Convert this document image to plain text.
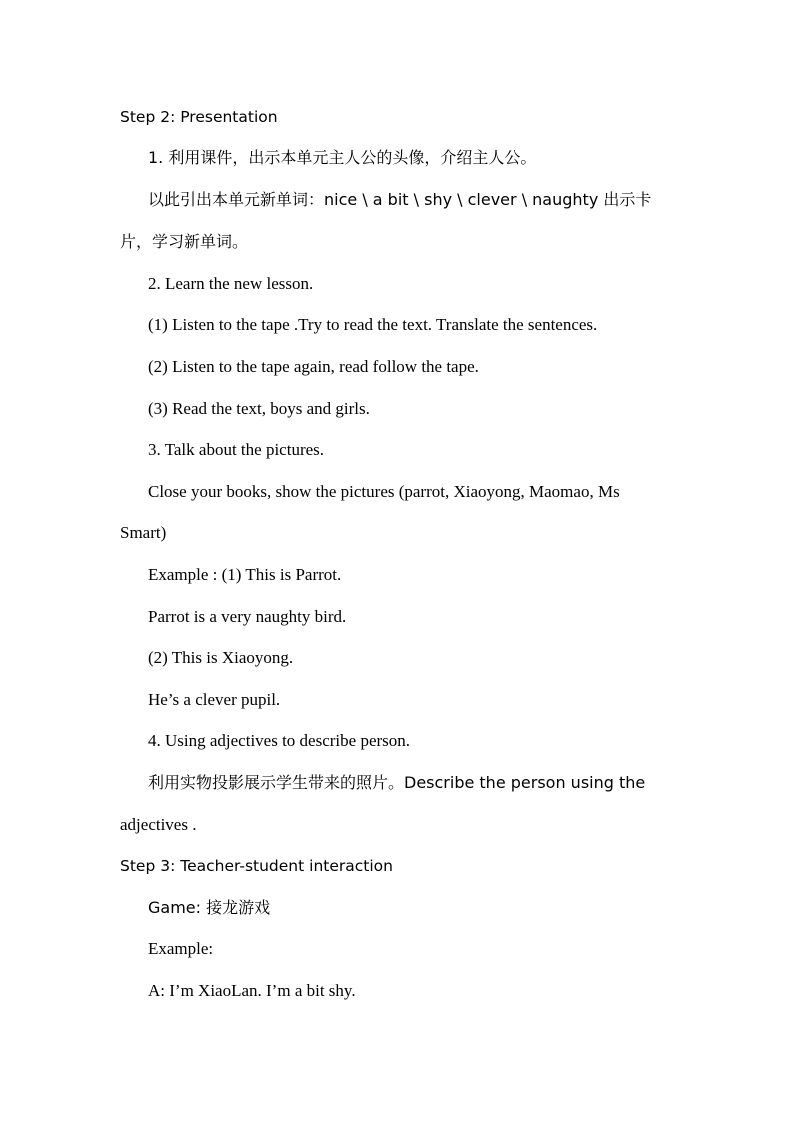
Step 2: Presentation
1. 利用课件，出示本单元主人公的头像，介绍主人公。
以此引出本单元新单词：nice \ a bit \ shy \ clever \ naughty 出示卡
片，学习新单词。
2. Learn the new lesson.
(1) Listen to the tape .Try to read the text. Translate the sentences.
(2) Listen to the tape again, read follow the tape.
(3) Read the text, boys and girls.
3. Talk about the pictures.
Close your books, show the pictures (parrot, Xiaoyong, Maomao, Ms
Smart)
Example : (1) This is Parrot.
Parrot is a very naughty bird.
(2) This is Xiaoyong.
He’s a clever pupil.
4. Using adjectives to describe person.
利用实物投影展示学生带来的照片。Describe the person using the
adjectives .
Step 3: Teacher-student interaction
Game: 接龙游戏
Example:
A: I’m XiaoLan. I’m a bit shy.
